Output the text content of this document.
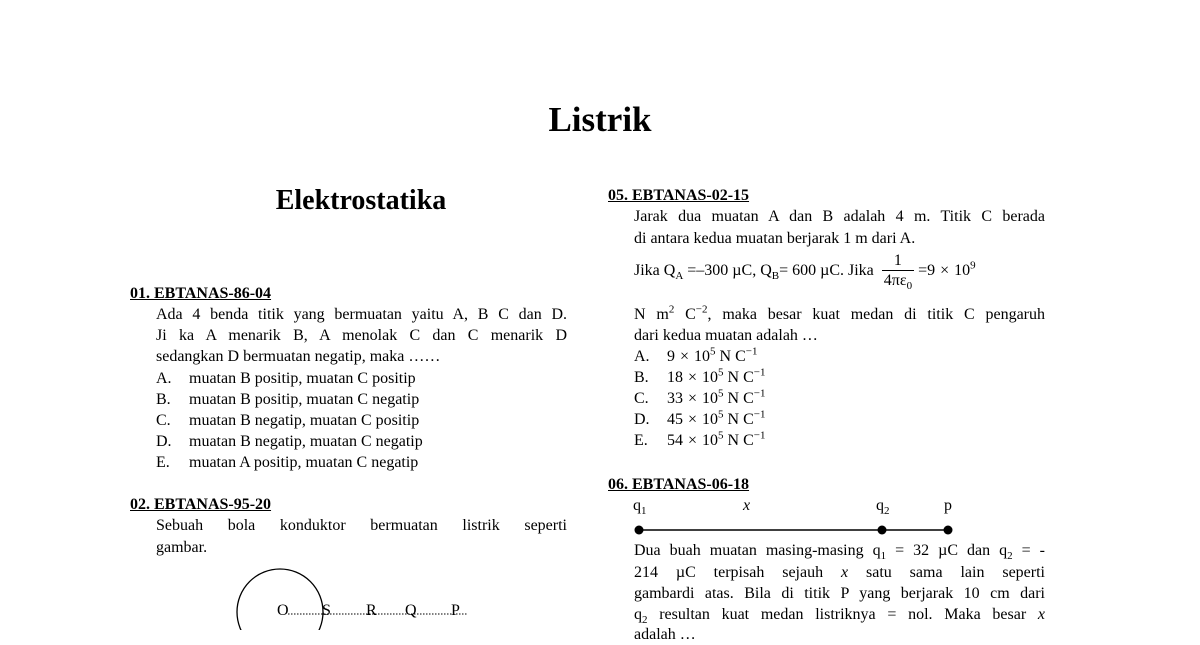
Listrik
Elektrostatika
01. EBTANAS-86-04
Ada 4 benda titik yang bermuatan yaitu A, B C dan D.
Ji ka A menarik B, A menolak C dan C menarik D
sedangkan D bermuatan negatip, maka ……
A. muatan B positip, muatan C positip
B. muatan B positip, muatan C negatip
C. muatan B negatip, muatan C positip
D. muatan B negatip, muatan C negatip
E. muatan A positip, muatan C negatip
02. EBTANAS-95-20
Sebuah bola konduktor bermuatan listrik seperti
gambar.
O S R Q P
05. EBTANAS-02-15
Jarak dua muatan A dan B adalah 4 m. Titik C berada
di antara kedua muatan berjarak 1 m dari A.
Jika $Q_A =-300$ µC, $Q_B= 600$ µC. Jika $\frac{1}{4\pi\varepsilon_0} =9 \times 10^9$
N $m^2$ $C^{-2}$, maka besar kuat medan di titik C pengaruh
dari kedua muatan adalah …
A. $9 \times 10^5$ N $C^{-1}$
B. $18 \times 10^5$ N $C^{-1}$
C. $33 \times 10^5$ N $C^{-1}$
D. $45 \times 10^5$ N $C^{-1}$
E. $54 \times 10^5$ N $C^{-1}$
06. EBTANAS-06-18
$q_1$	x	$q_2$	p
Dua buah muatan masing-masing $q_1 = 32$ µC dan $q_2$ = -
214 µC terpisah sejauh x satu sama lain seperti
gambardi atas. Bila di titik P yang berjarak 10 cm dari
$q_2$ resultan kuat medan listriknya = nol. Maka besar x
adalah …
